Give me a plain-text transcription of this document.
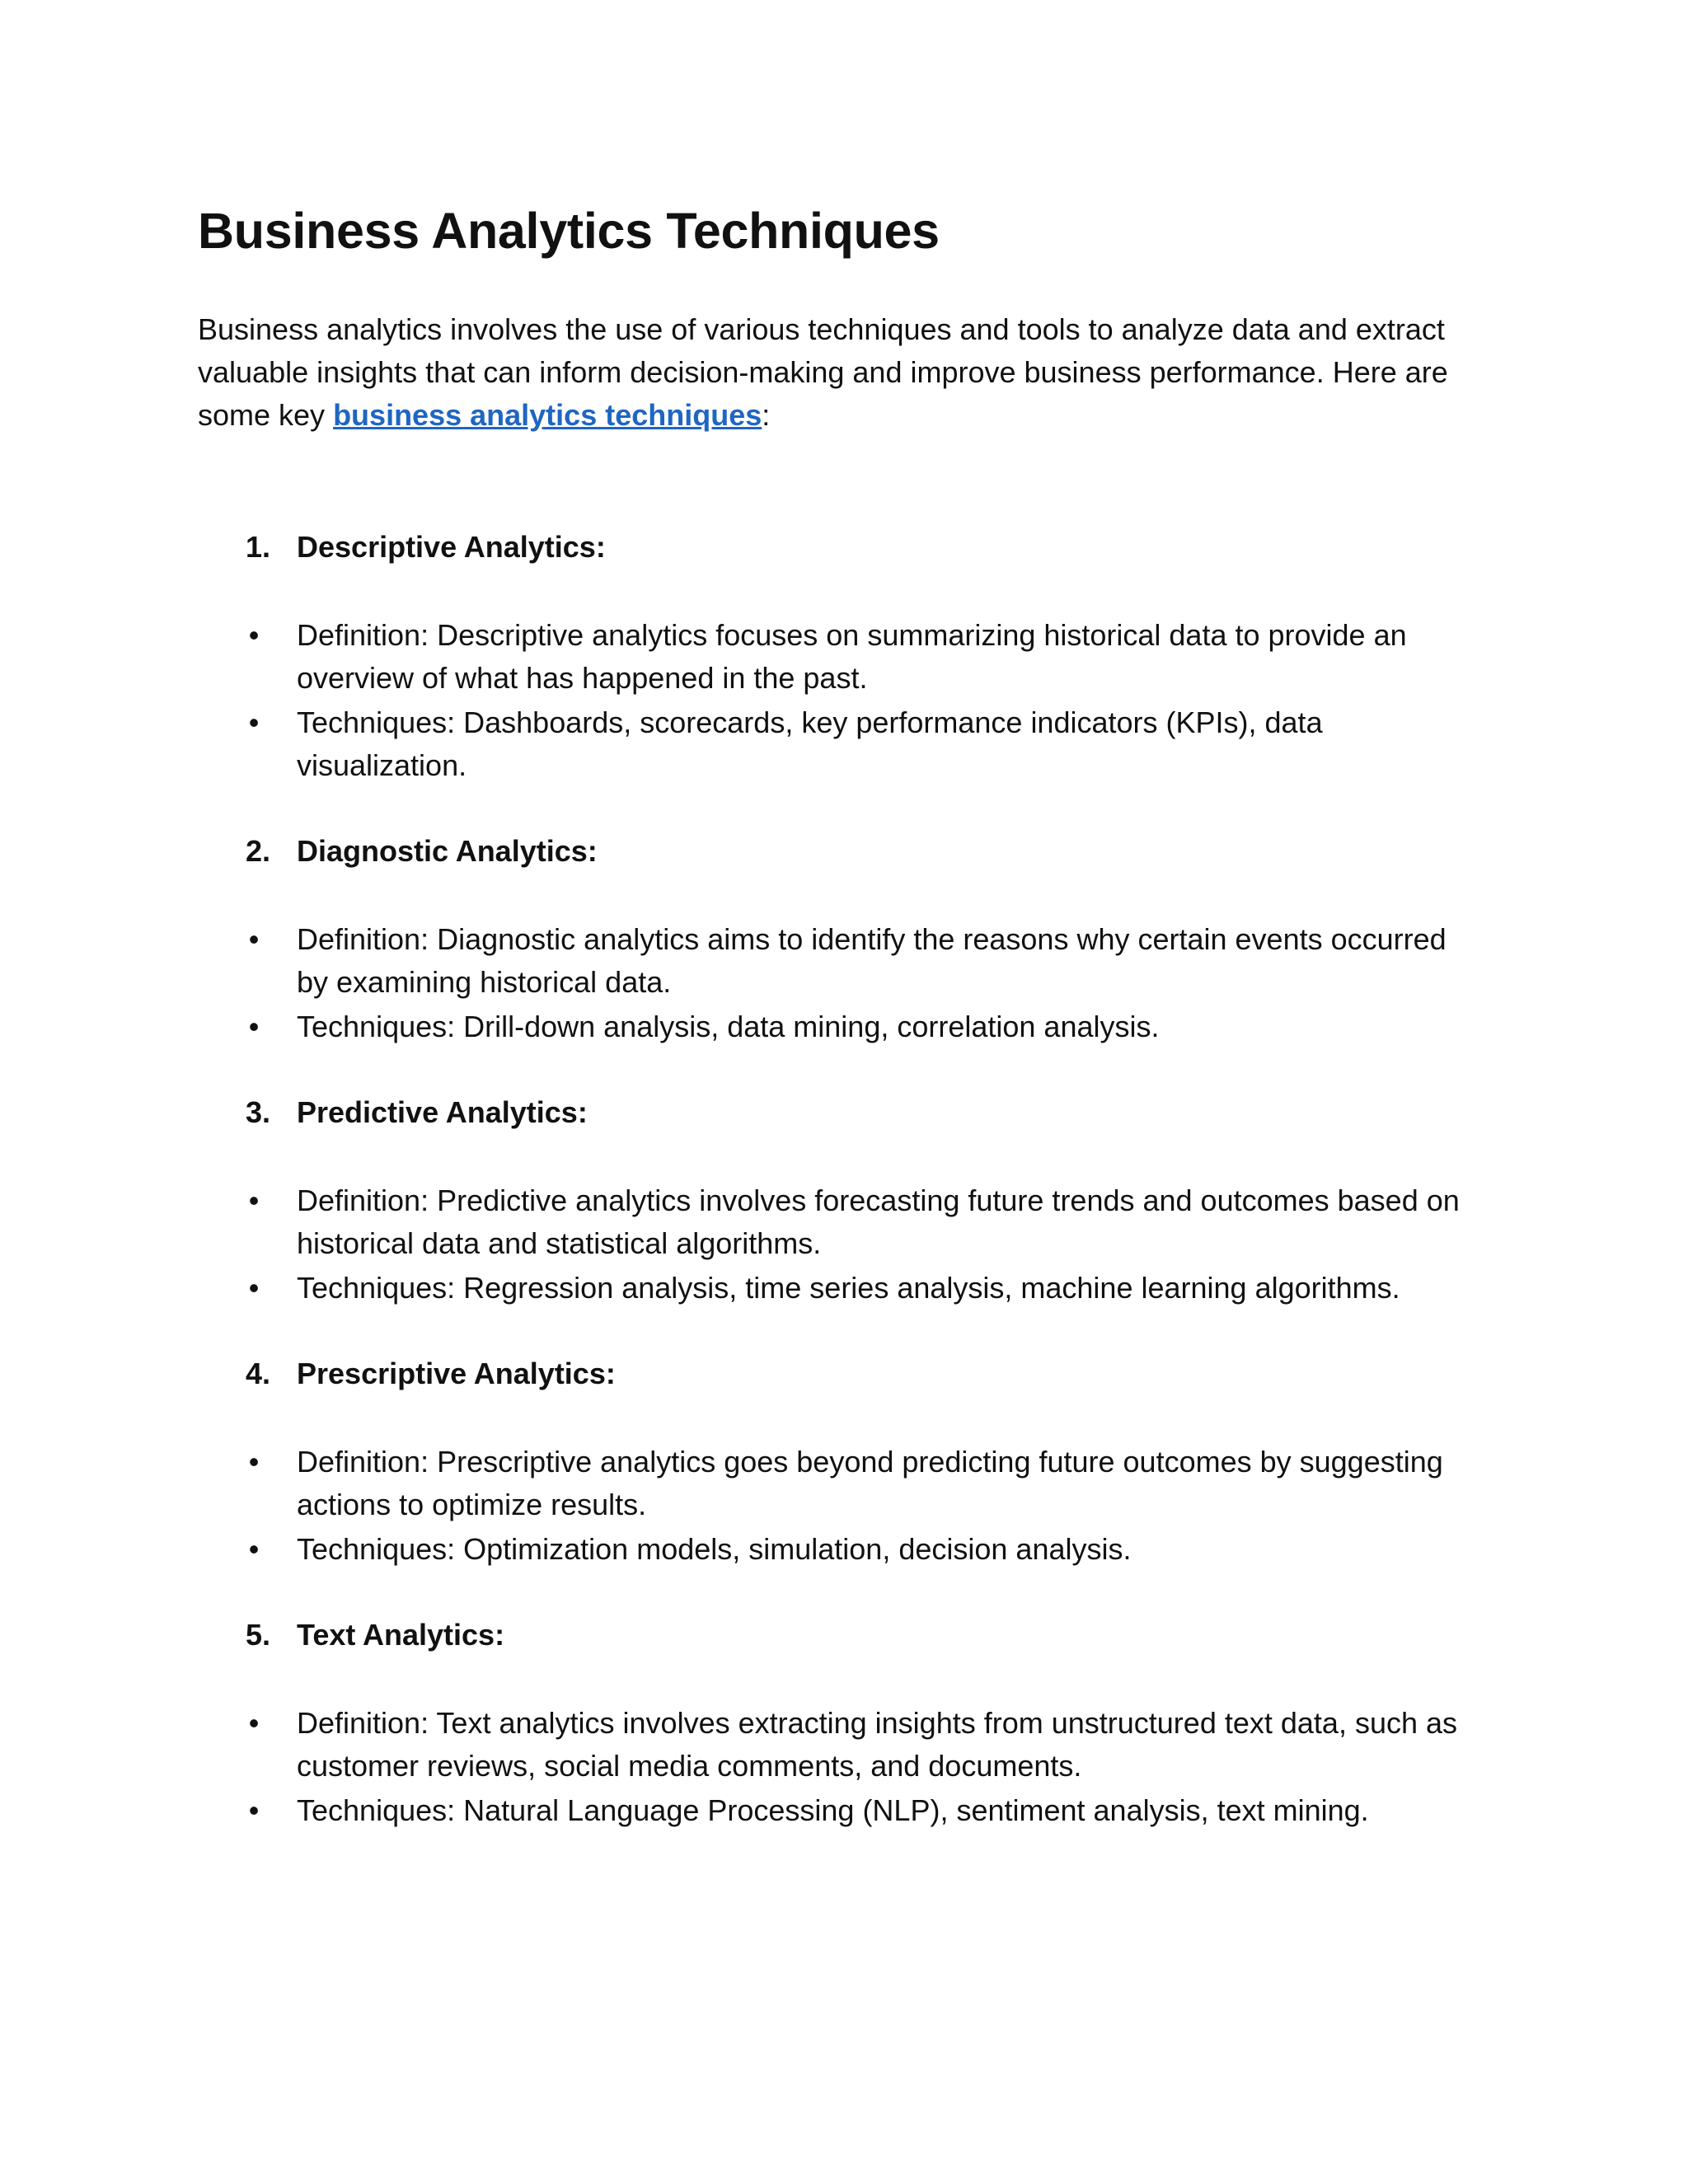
Business Analytics Techniques

Business analytics involves the use of various techniques and tools to analyze data and extract valuable insights that can inform decision-making and improve business performance. Here are some key business analytics techniques:

1. Descriptive Analytics:
• Definition: Descriptive analytics focuses on summarizing historical data to provide an overview of what has happened in the past.
• Techniques: Dashboards, scorecards, key performance indicators (KPIs), data visualization.
2. Diagnostic Analytics:
• Definition: Diagnostic analytics aims to identify the reasons why certain events occurred by examining historical data.
• Techniques: Drill-down analysis, data mining, correlation analysis.
3. Predictive Analytics:
• Definition: Predictive analytics involves forecasting future trends and outcomes based on historical data and statistical algorithms.
• Techniques: Regression analysis, time series analysis, machine learning algorithms.
4. Prescriptive Analytics:
• Definition: Prescriptive analytics goes beyond predicting future outcomes by suggesting actions to optimize results.
• Techniques: Optimization models, simulation, decision analysis.
5. Text Analytics:
• Definition: Text analytics involves extracting insights from unstructured text data, such as customer reviews, social media comments, and documents.
• Techniques: Natural Language Processing (NLP), sentiment analysis, text mining.
